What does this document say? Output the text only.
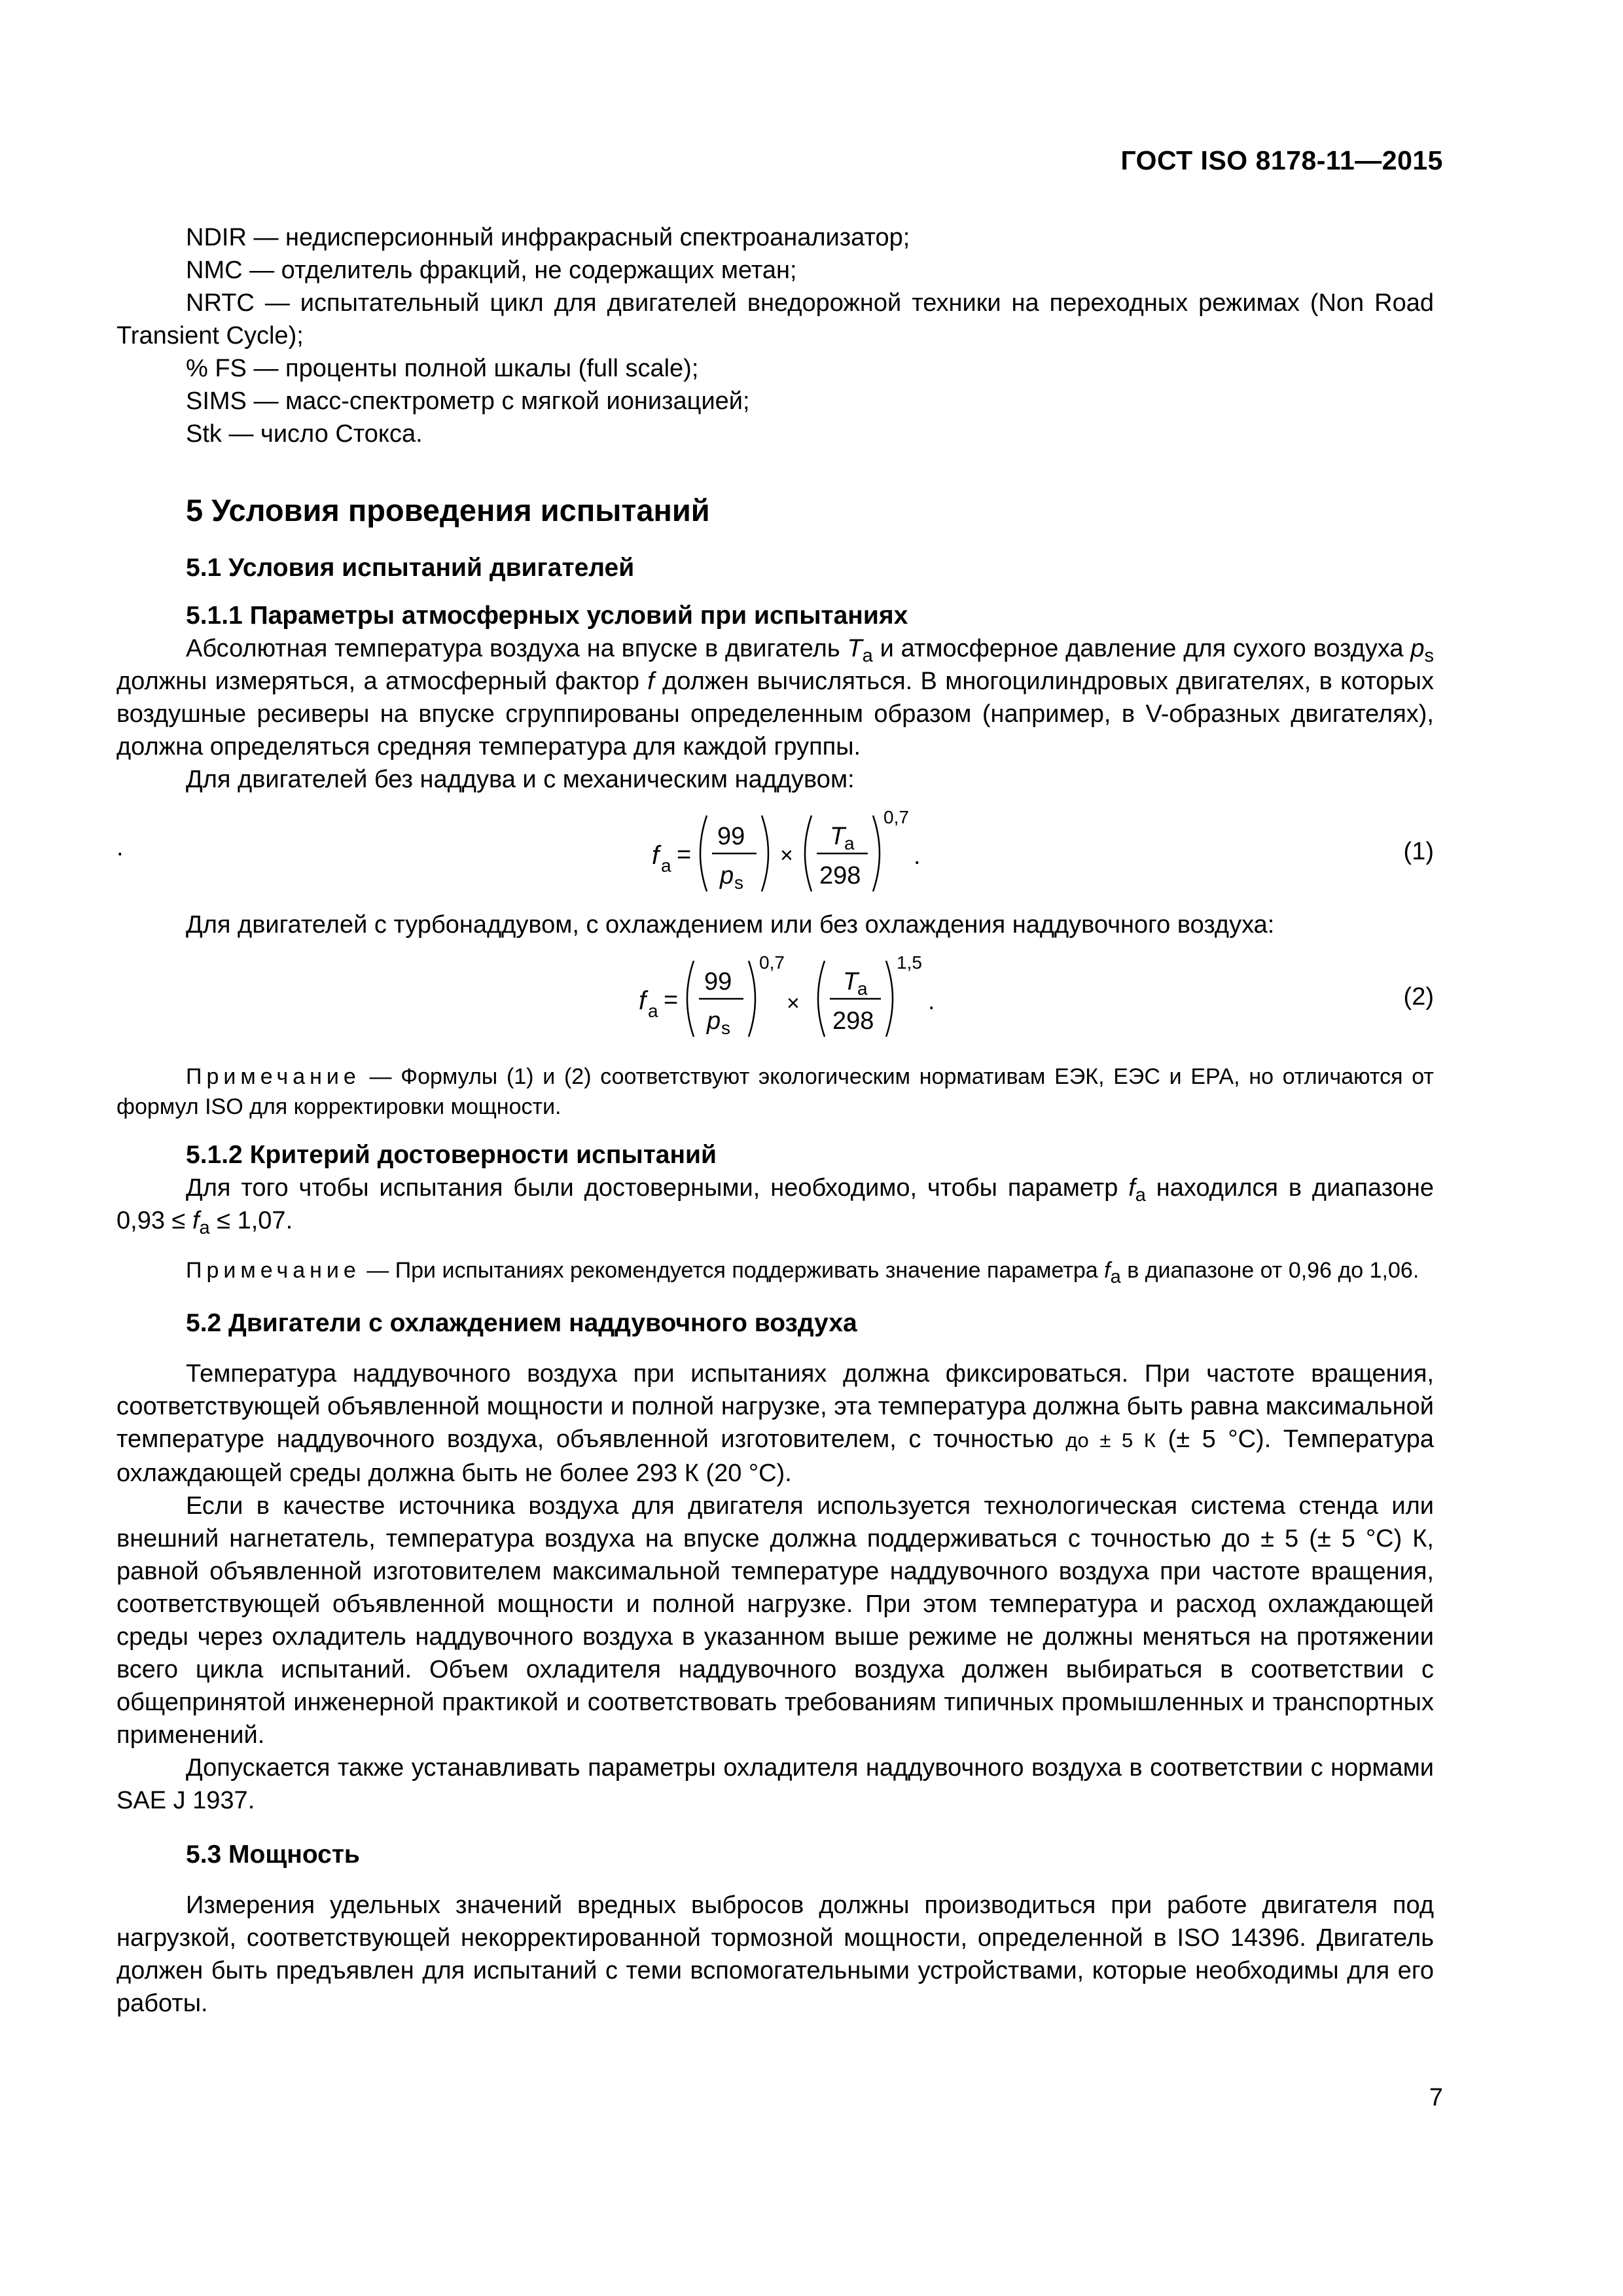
ГОСТ ISO 8178-11—2015

NDIR — недисперсионный инфракрасный спектроанализатор;

NMC — отделитель фракций, не содержащих метан;

NRTC — испытательный цикл для двигателей внедорожной техники на переходных режимах (Non Road Transient Cycle);

% FS — проценты полной шкалы (full scale);

SIMS — масс-спектрометр с мягкой ионизацией;

Stk — число Стокса.

5 Условия проведения испытаний
5.1 Условия испытаний двигателей
5.1.1 Параметры атмосферных условий при испытаниях

Абсолютная температура воздуха на впуске в двигатель $T_a$ и атмосферное давление для сухого воздуха $p_s$ должны измеряться, а атмосферный фактор f должен вычисляться. В многоцилиндровых двигателях, в которых воздушные ресиверы на впуске сгруппированы определенным образом (например, в V-образных двигателях), должна определяться средняя температура для каждой группы.

Для двигателей без наддува и с механическим наддувом:

.	f a =
99
p s
×
T
a
298
0,7
.	(1)

Для двигателей с турбонаддувом, с охлаждением или без охлаждения наддувочного воздуха:

f a =
99
p s
0,7
×
T
a
298
1,5
.	(2)

Примечание — Формулы (1) и (2) соответствуют экологическим нормативам ЕЭК, ЕЭС и ЕРА, но отличаются от формул ISO для корректировки мощности.

5.1.2 Критерий достоверности испытаний

Для того чтобы испытания были достоверными, необходимо, чтобы параметр $f_a$ находился в диапазоне $0,93 \le f_a \le 1,07$.

Примечание — При испытаниях рекомендуется поддерживать значение параметра $f_a$ в диапазоне от 0,96 до 1,06.

5.2 Двигатели с охлаждением наддувочного воздуха

Температура наддувочного воздуха при испытаниях должна фиксироваться. При частоте вращения, соответствующей объявленной мощности и полной нагрузке, эта температура должна быть равна максимальной температуре наддувочного воздуха, объявленной изготовителем, с точностью до ± 5 К (± 5 °С). Температура охлаждающей среды должна быть не более 293 К (20 °С).

Если в качестве источника воздуха для двигателя используется технологическая система стенда или внешний нагнетатель, температура воздуха на впуске должна поддерживаться с точностью до ± 5 (± 5 °С) К, равной объявленной изготовителем максимальной температуре наддувочного воздуха при частоте вращения, соответствующей объявленной мощности и полной нагрузке. При этом температура и расход охлаждающей среды через охладитель наддувочного воздуха в указанном выше режиме не должны меняться на протяжении всего цикла испытаний. Объем охладителя наддувочного воздуха должен выбираться в соответствии с общепринятой инженерной практикой и соответствовать требованиям типичных промышленных и транспортных применений.

Допускается также устанавливать параметры охладителя наддувочного воздуха в соответствии с нормами SAE J 1937.

5.3 Мощность

Измерения удельных значений вредных выбросов должны производиться при работе двигателя под нагрузкой, соответствующей некорректированной тормозной мощности, определенной в ISO 14396. Двигатель должен быть предъявлен для испытаний с теми вспомогательными устройствами, которые необходимы для его работы.

7
